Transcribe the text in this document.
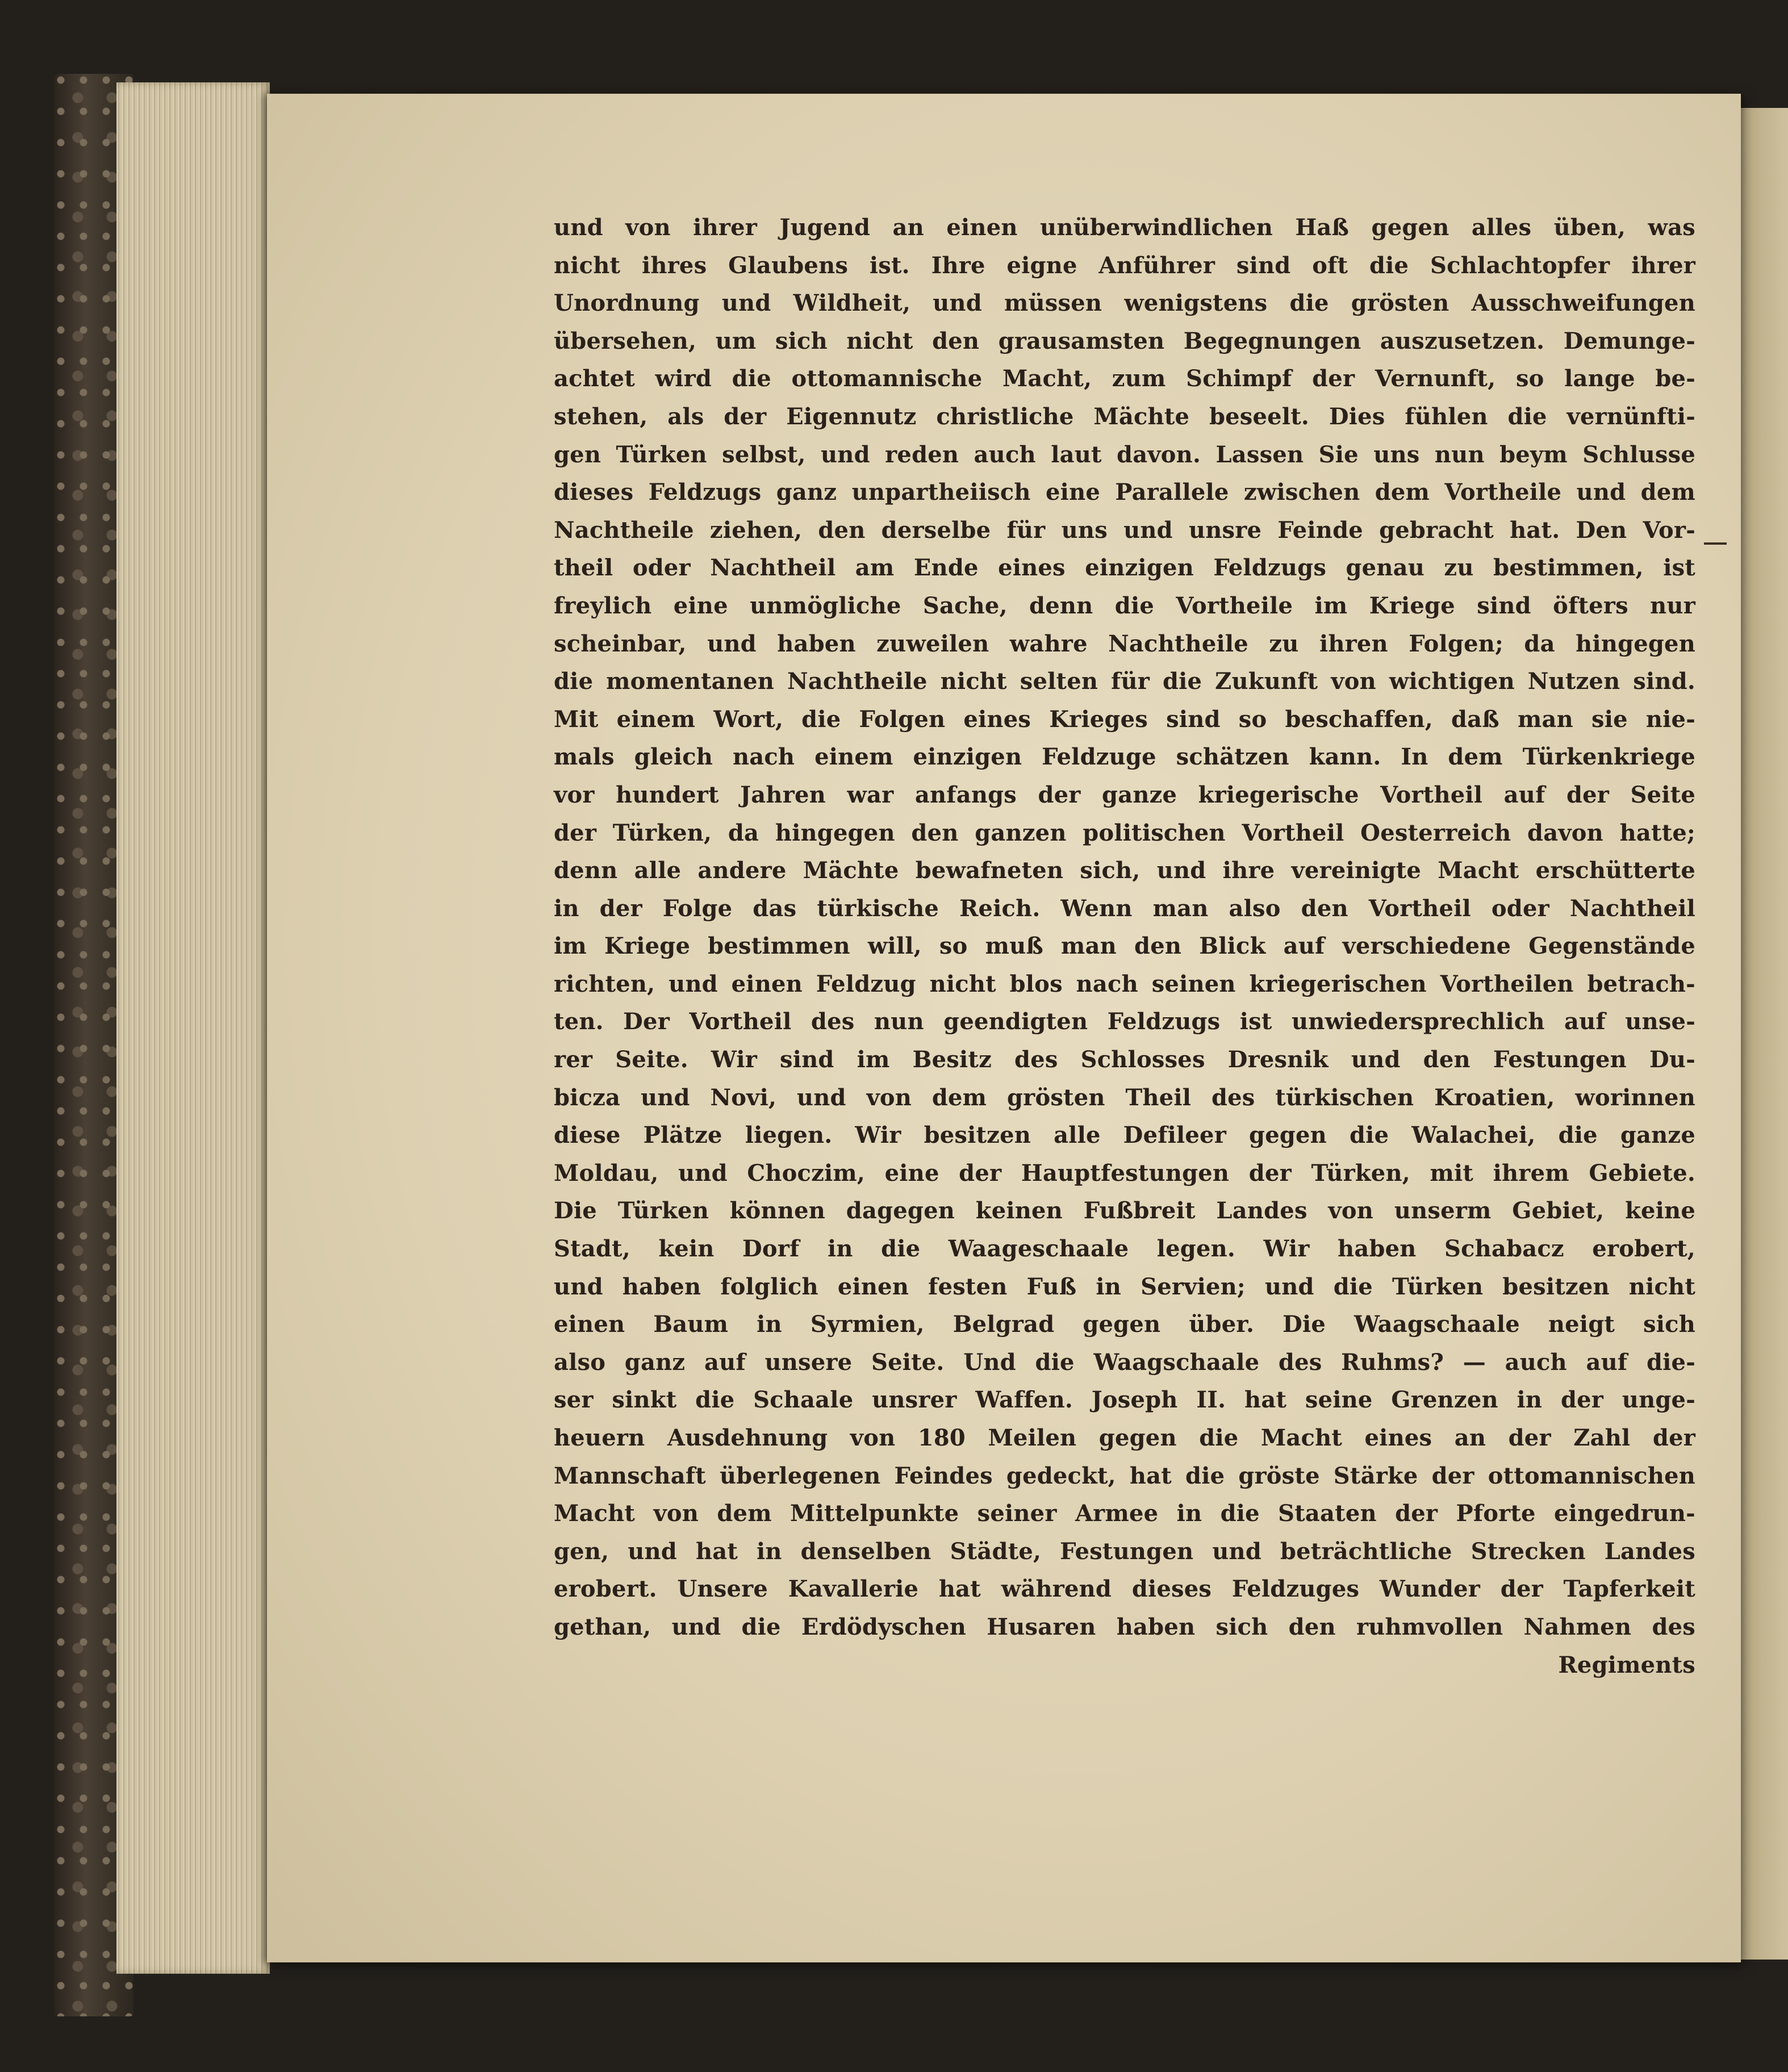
und von ihrer Jugend an einen unüberwindlichen Haß gegen alles üben, was
nicht ihres Glaubens ist. Ihre eigne Anführer sind oft die Schlachtopfer ihrer
Unordnung und Wildheit, und müssen wenigstens die grösten Ausschweifungen
übersehen, um sich nicht den grausamsten Begegnungen auszusetzen. Demunge-
achtet wird die ottomannische Macht, zum Schimpf der Vernunft, so lange be-
stehen, als der Eigennutz christliche Mächte beseelt. Dies fühlen die vernünfti-
gen Türken selbst, und reden auch laut davon. Lassen Sie uns nun beym Schlusse
dieses Feldzugs ganz unpartheiisch eine Parallele zwischen dem Vortheile und dem
Nachtheile ziehen, den derselbe für uns und unsre Feinde gebracht hat. Den Vor-
theil oder Nachtheil am Ende eines einzigen Feldzugs genau zu bestimmen, ist
freylich eine unmögliche Sache, denn die Vortheile im Kriege sind öfters nur
scheinbar, und haben zuweilen wahre Nachtheile zu ihren Folgen; da hingegen
die momentanen Nachtheile nicht selten für die Zukunft von wichtigen Nutzen sind.
Mit einem Wort, die Folgen eines Krieges sind so beschaffen, daß man sie nie-
mals gleich nach einem einzigen Feldzuge schätzen kann. In dem Türkenkriege
vor hundert Jahren war anfangs der ganze kriegerische Vortheil auf der Seite
der Türken, da hingegen den ganzen politischen Vortheil Oesterreich davon hatte;
denn alle andere Mächte bewafneten sich, und ihre vereinigte Macht erschütterte
in der Folge das türkische Reich. Wenn man also den Vortheil oder Nachtheil
im Kriege bestimmen will, so muß man den Blick auf verschiedene Gegenstände
richten, und einen Feldzug nicht blos nach seinen kriegerischen Vortheilen betrach-
ten. Der Vortheil des nun geendigten Feldzugs ist unwiedersprechlich auf unse-
rer Seite. Wir sind im Besitz des Schlosses Dresnik und den Festungen Du-
bicza und Novi, und von dem grösten Theil des türkischen Kroatien, worinnen
diese Plätze liegen. Wir besitzen alle Defileer gegen die Walachei, die ganze
Moldau, und Choczim, eine der Hauptfestungen der Türken, mit ihrem Gebiete.
Die Türken können dagegen keinen Fußbreit Landes von unserm Gebiet, keine
Stadt, kein Dorf in die Waageschaale legen. Wir haben Schabacz erobert,
und haben folglich einen festen Fuß in Servien; und die Türken besitzen nicht
einen Baum in Syrmien, Belgrad gegen über. Die Waagschaale neigt sich
also ganz auf unsere Seite. Und die Waagschaale des Ruhms? — auch auf die-
ser sinkt die Schaale unsrer Waffen. Joseph II. hat seine Grenzen in der unge-
heuern Ausdehnung von 180 Meilen gegen die Macht eines an der Zahl der
Mannschaft überlegenen Feindes gedeckt, hat die gröste Stärke der ottomannischen
Macht von dem Mittelpunkte seiner Armee in die Staaten der Pforte eingedrun-
gen, und hat in denselben Städte, Festungen und beträchtliche Strecken Landes
erobert. Unsere Kavallerie hat während dieses Feldzuges Wunder der Tapferkeit
gethan, und die Erdödyschen Husaren haben sich den ruhmvollen Nahmen des
Regiments
